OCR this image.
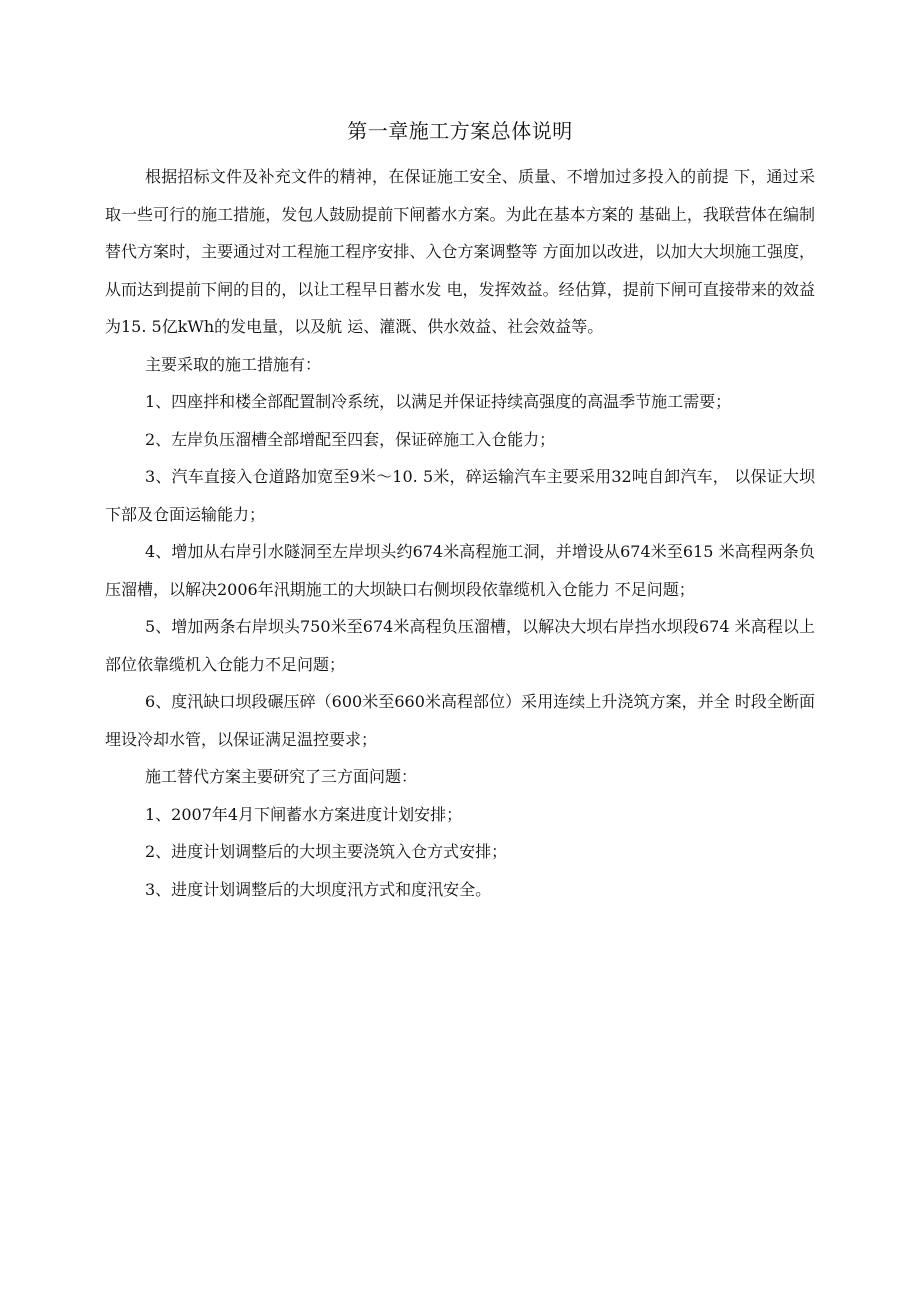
第一章施工方案总体说明

根据招标文件及补充文件的精神，在保证施工安全、质量、不增加过多投入的前提 下，通过采取一些可行的施工措施，发包人鼓励提前下闸蓄水方案。为此在基本方案的 基础上，我联营体在编制替代方案时，主要通过对工程施工程序安排、入仓方案调整等 方面加以改进，以加大大坝施工强度，从而达到提前下闸的目的，以让工程早日蓄水发 电，发挥效益。经估算，提前下闸可直接带来的效益为15. 5亿kWh的发电量，以及航 运、灌溉、供水效益、社会效益等。

主要采取的施工措施有：

1、四座拌和楼全部配置制冷系统，以满足并保证持续高强度的高温季节施工需要；

2、左岸负压溜槽全部增配至四套，保证碎施工入仓能力；

3、汽车直接入仓道路加宽至9米～10. 5米，碎运输汽车主要采用32吨自卸汽车， 以保证大坝下部及仓面运输能力；

4、增加从右岸引水隧洞至左岸坝头约674米高程施工洞，并增设从674米至615 米高程两条负压溜槽，以解决2006年汛期施工的大坝缺口右侧坝段依靠缆机入仓能力 不足问题；

5、增加两条右岸坝头750米至674米高程负压溜槽，以解决大坝右岸挡水坝段674 米高程以上部位依靠缆机入仓能力不足问题；

6、度汛缺口坝段碾压碎（600米至660米高程部位）采用连续上升浇筑方案，并全 时段全断面埋设冷却水管，以保证满足温控要求；

施工替代方案主要研究了三方面问题：

1、2007年4月下闸蓄水方案进度计划安排；

2、进度计划调整后的大坝主要浇筑入仓方式安排；

3、进度计划调整后的大坝度汛方式和度汛安全。
